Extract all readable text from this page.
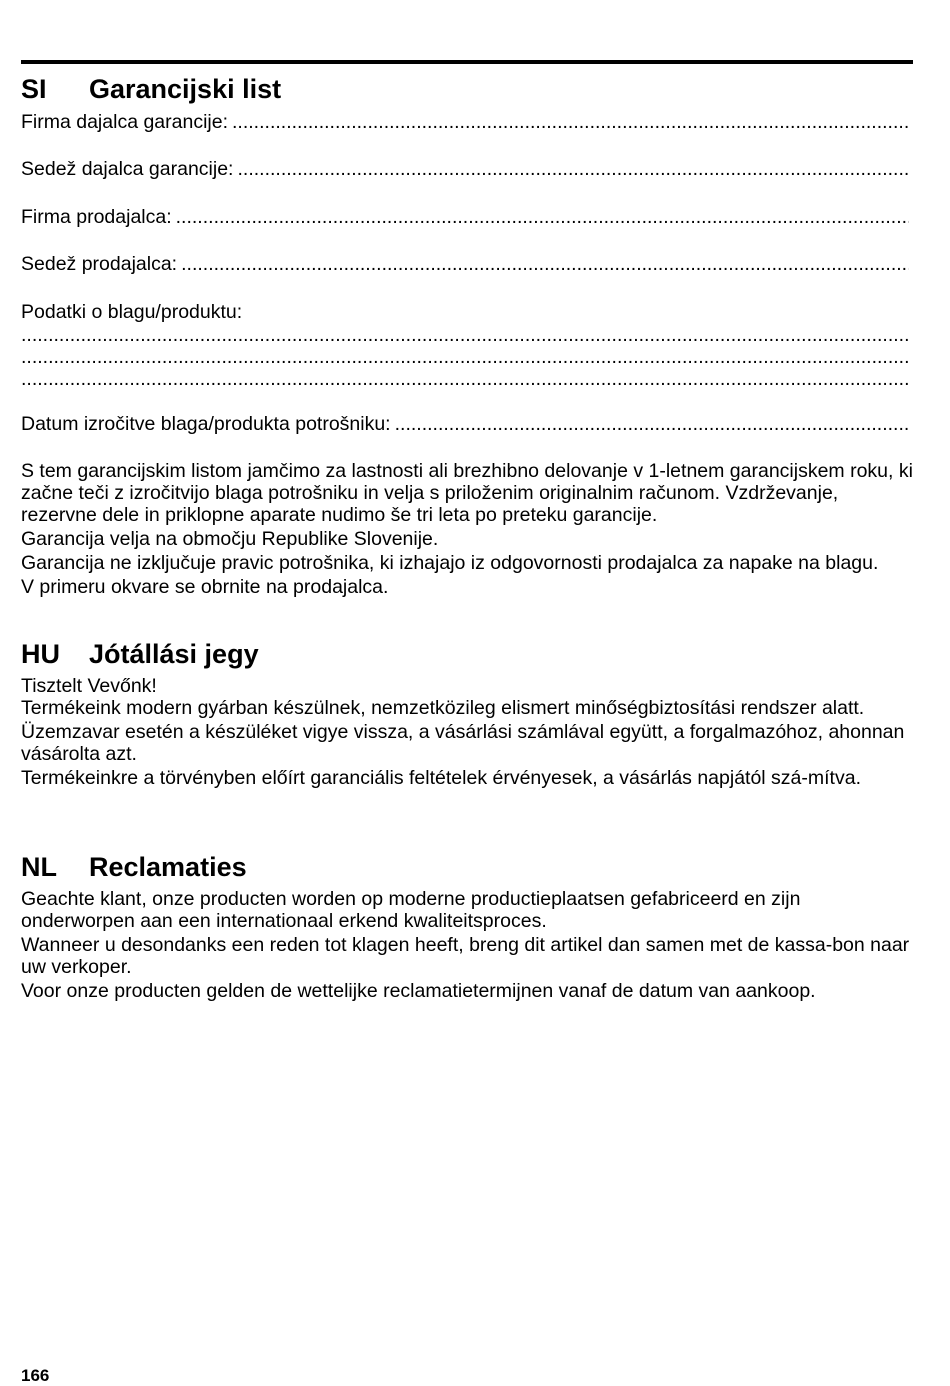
SI Garancijski list
Firma dajalca garancije:
.....
Sedež dajalca garancije:
.....
Firma prodajalca:
.....
Sedež prodajalca:
.....
Podatki o blagu/produktu:
.....
.....
.....
Datum izročitve blaga/produkta potrošniku:
.....

S tem garancijskim listom jamčimo za lastnosti ali brezhibno delovanje v 1-letnem garancijskem roku, ki začne teči z izročitvijo blaga potrošniku in velja s priloženim originalnim računom. Vzdrževanje, rezervne dele in priklopne aparate nudimo še tri leta po preteku garancije.

Garancija velja na območju Republike Slovenije.

Garancija ne izključuje pravic potrošnika, ki izhajajo iz odgovornosti prodajalca za napake na blagu.

V primeru okvare se obrnite na prodajalca.

HU Jótállási jegy

Tisztelt Vevőnk!

Termékeink modern gyárban készülnek, nemzetközileg elismert minőségbiztosítási rendszer alatt.

Üzemzavar esetén a készüléket vigye vissza, a vásárlási számlával együtt, a forgalmazóhoz, ahonnan vásárolta azt.

Termékeinkre a törvényben előírt garanciális feltételek érvényesek, a vásárlás napjától szá-mítva.

NL Reclamaties

Geachte klant, onze producten worden op moderne productieplaatsen gefabriceerd en zijn onderworpen aan een internationaal erkend kwaliteitsproces.

Wanneer u desondanks een reden tot klagen heeft, breng dit artikel dan samen met de kassa-bon naar uw verkoper.

Voor onze producten gelden de wettelijke reclamatietermijnen vanaf de datum van aankoop.

166
